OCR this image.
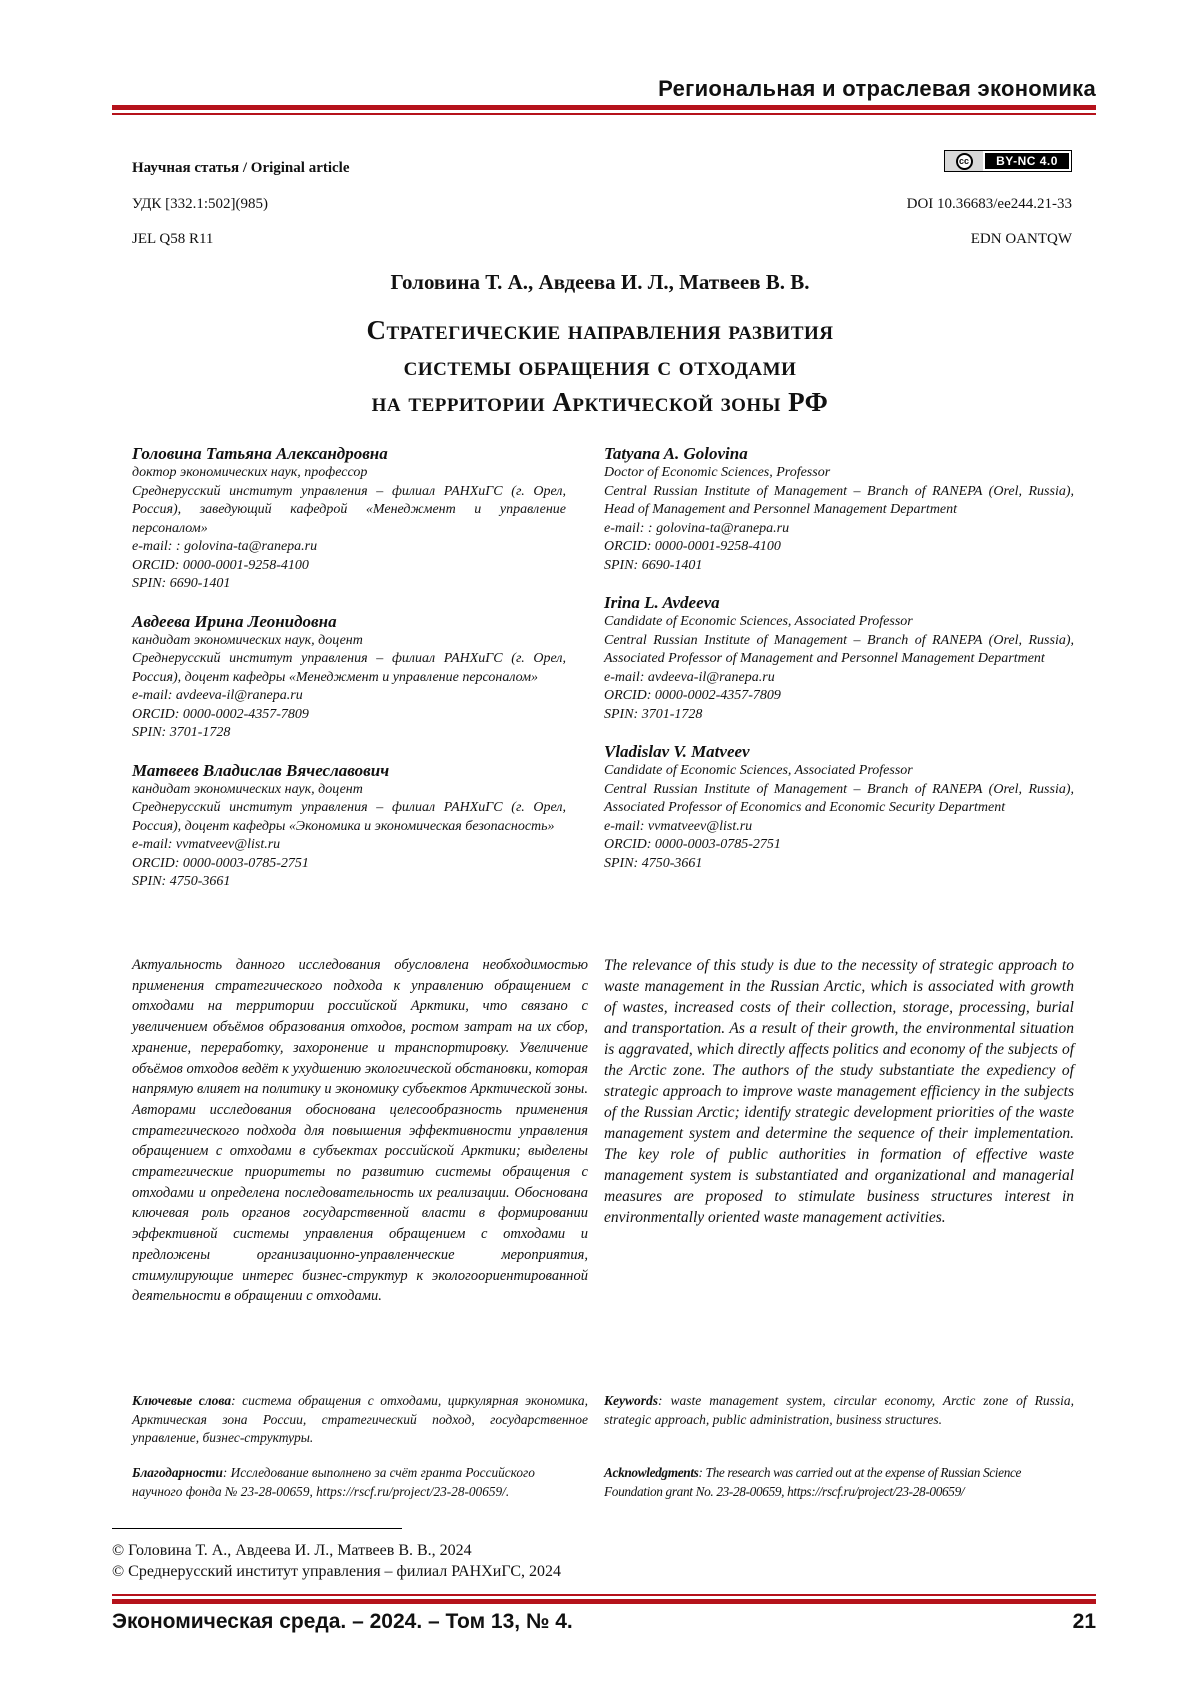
Региональная и отраслевая экономика
Научная статья / Original article	cc	BY-NC 4.0
УДК [332.1:502](985)	DOI 10.36683/ee244.21-33
JEL Q58 R11	EDN OANTQW
Головина Т. А., Авдеева И. Л., Матвеев В. В.
Стратегические направления развития
системы обращения с отходами
на территории Арктической зоны РФ
Головина Татьяна Александровна
доктор экономических наук, профессор
Среднерусский институт управления – филиал РАНХиГС (г. Орел, Россия), заведующий кафедрой «Менеджмент и управление персоналом»
e-mail: : golovina-ta@ranepa.ru
ORCID: 0000-0001-9258-4100
SPIN: 6690-1401
Авдеева Ирина Леонидовна
кандидат экономических наук, доцент
Среднерусский институт управления – филиал РАНХиГС (г. Орел, Россия), доцент кафедры «Менеджмент и управление персоналом»
e-mail: avdeeva-il@ranepa.ru
ORCID: 0000-0002-4357-7809
SPIN: 3701-1728
Матвеев Владислав Вячеславович
кандидат экономических наук, доцент
Среднерусский институт управления – филиал РАНХиГС (г. Орел, Россия), доцент кафедры «Экономика и экономическая безопасность»
e-mail: vvmatveev@list.ru
ORCID: 0000-0003-0785-2751
SPIN: 4750-3661
Tatyana A. Golovina
Doctor of Economic Sciences, Professor
Central Russian Institute of Management – Branch of RANEPA (Orel, Russia), Head of Management and Personnel Management Department
e-mail: : golovina-ta@ranepa.ru
ORCID: 0000-0001-9258-4100
SPIN: 6690-1401
Irina L. Avdeeva
Candidate of Economic Sciences, Associated Professor
Central Russian Institute of Management – Branch of RANEPA (Orel, Russia), Associated Professor of Management and Personnel Management Department
e-mail: avdeeva-il@ranepa.ru
ORCID: 0000-0002-4357-7809
SPIN: 3701-1728
Vladislav V. Matveev
Candidate of Economic Sciences, Associated Professor
Central Russian Institute of Management – Branch of RANEPA (Orel, Russia), Associated Professor of Economics and Economic Security Department
e-mail: vvmatveev@list.ru
ORCID: 0000-0003-0785-2751
SPIN: 4750-3661
Актуальность данного исследования обусловлена необходимостью применения стратегического подхода к управлению обращением с отходами на территории российской Арктики, что связано с увеличением объёмов образования отходов, ростом затрат на их сбор, хранение, переработку, захоронение и транспортировку. Увеличение объёмов отходов ведёт к ухудшению экологической обстановки, которая напрямую влияет на политику и экономику субъектов Арктической зоны. Авторами исследования обоснована целесообразность применения стратегического подхода для повышения эффективности управления обращением с отходами в субъектах российской Арктики; выделены стратегические приоритеты по развитию системы обращения с отходами и определена последовательность их реализации. Обоснована ключевая роль органов государственной власти в формировании эффективной системы управления обращением с отходами и предложены организационно-управленческие мероприятия, стимулирующие интерес бизнес-структур к экологоориентированной деятельности в обращении с отходами.
The relevance of this study is due to the necessity of strategic approach to waste management in the Russian Arctic, which is associated with growth of wastes, increased costs of their collection, storage, processing, burial and transportation. As a result of their growth, the environmental situation is aggravated, which directly affects politics and economy of the subjects of the Arctic zone. The authors of the study substantiate the expediency of strategic approach to improve waste management efficiency in the subjects of the Russian Arctic; identify strategic development priorities of the waste management system and determine the sequence of their implementation. The key role of public authorities in formation of effective waste management system is substantiated and organizational and managerial measures are proposed to stimulate business structures interest in environmentally oriented waste management activities.
Ключевые слова: система обращения с отходами, циркулярная экономика, Арктическая зона России, стратегический подход, государственное управление, бизнес-структуры.
Keywords: waste management system, circular economy, Arctic zone of Russia, strategic approach, public administration, business structures.
Благодарности: Исследование выполнено за счёт гранта Российского научного фонда № 23-28-00659, https://rscf.ru/project/23-28-00659/.
Acknowledgments: The research was carried out at the expense of Russian Science Foundation grant No. 23-28-00659, https://rscf.ru/project/23-28-00659/
© Головина Т. А., Авдеева И. Л., Матвеев В. В., 2024
© Среднерусский институт управления – филиал РАНХиГС, 2024
Экономическая среда. – 2024. – Том 13, № 4.	21
